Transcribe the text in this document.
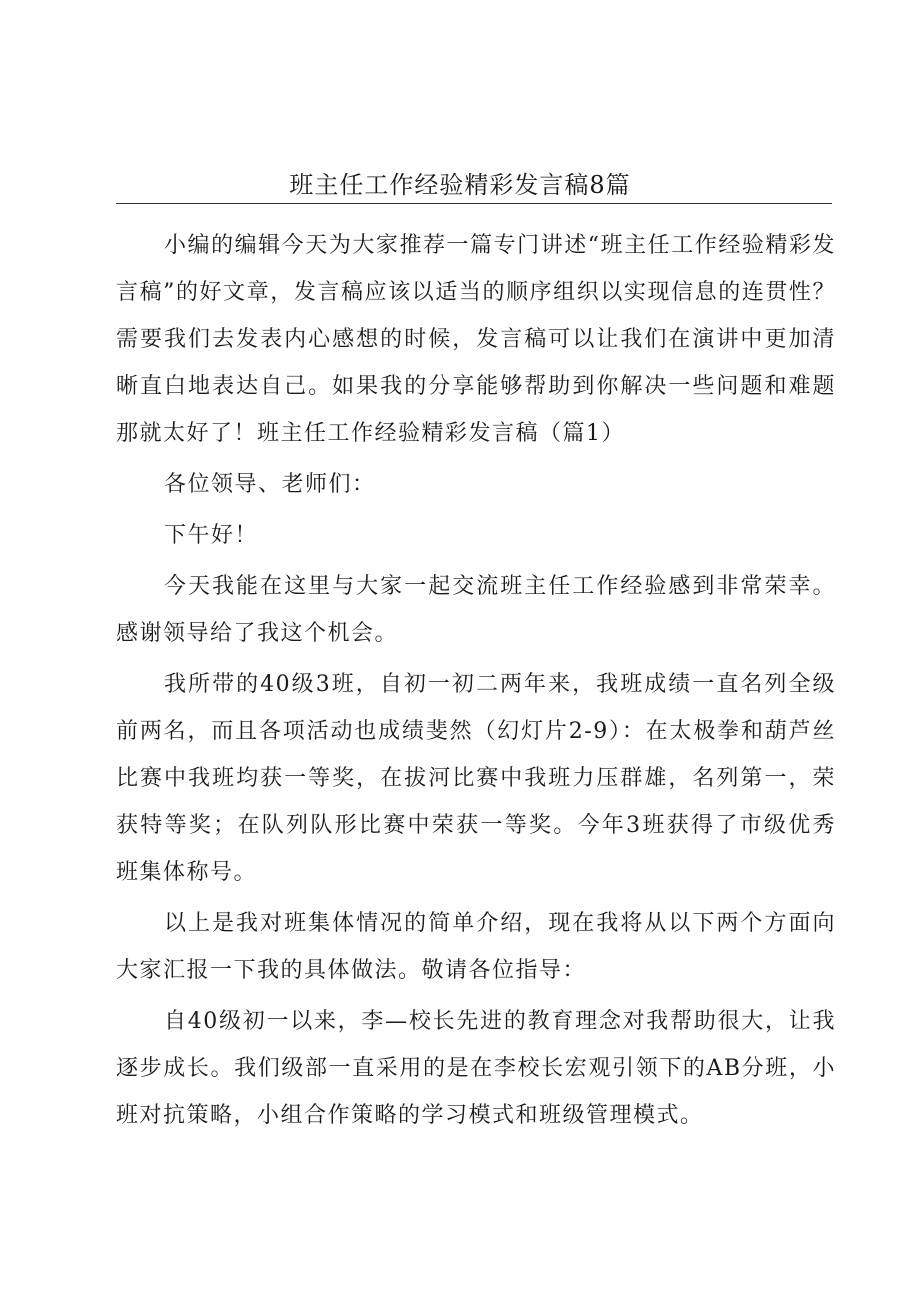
班主任工作经验精彩发言稿8篇

小编的编辑今天为大家推荐一篇专门讲述“班主任工作经验精彩发言稿”的好文章，发言稿应该以适当的顺序组织以实现信息的连贯性？需要我们去发表内心感想的时候，发言稿可以让我们在演讲中更加清晰直白地表达自己。如果我的分享能够帮助到你解决一些问题和难题那就太好了！班主任工作经验精彩发言稿（篇1）

各位领导、老师们：

下午好！

今天我能在这里与大家一起交流班主任工作经验感到非常荣幸。感谢领导给了我这个机会。

我所带的40级3班，自初一初二两年来，我班成绩一直名列全级前两名，而且各项活动也成绩斐然（幻灯片2-9）：在太极拳和葫芦丝比赛中我班均获一等奖，在拔河比赛中我班力压群雄，名列第一，荣获特等奖；在队列队形比赛中荣获一等奖。今年3班获得了市级优秀班集体称号。

以上是我对班集体情况的简单介绍，现在我将从以下两个方面向大家汇报一下我的具体做法。敬请各位指导：

自40级初一以来，李—校长先进的教育理念对我帮助很大，让我逐步成长。我们级部一直采用的是在李校长宏观引领下的AB分班，小班对抗策略，小组合作策略的学习模式和班级管理模式。
